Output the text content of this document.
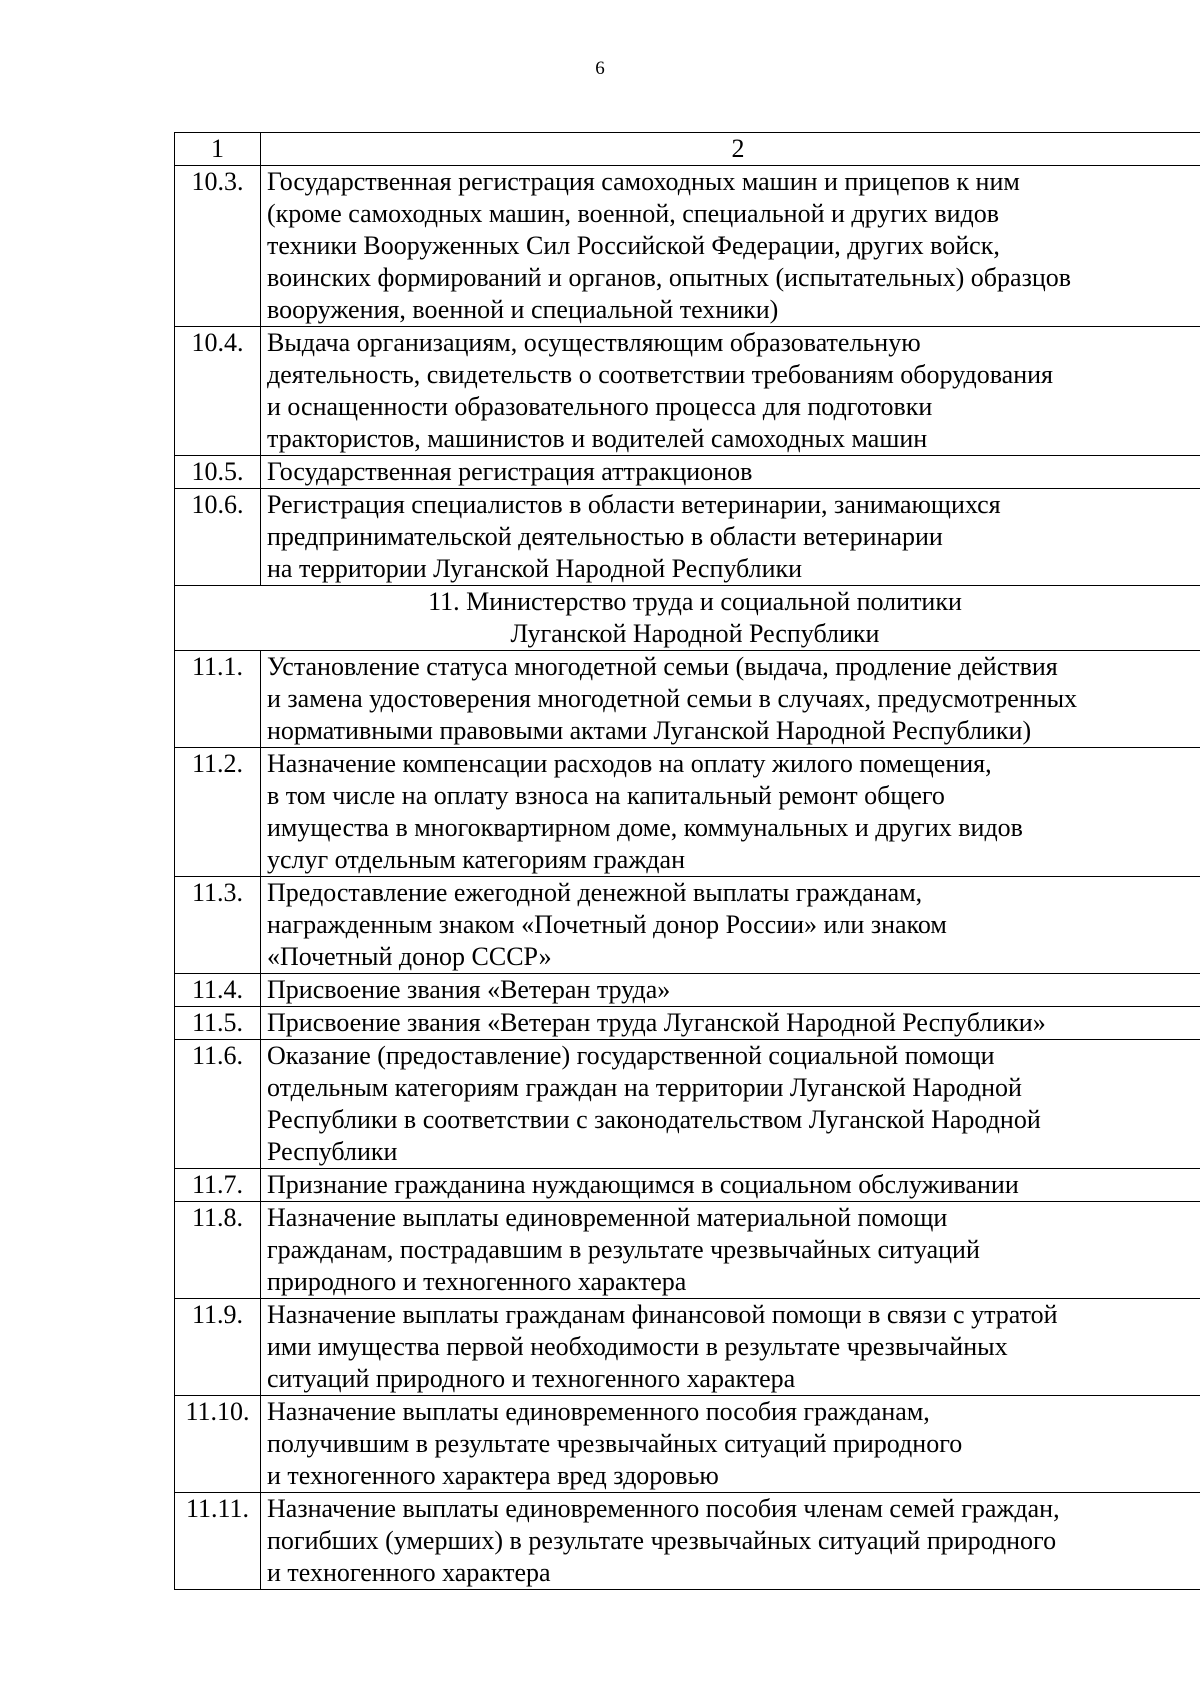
6
1	2
10.3.	Государственная регистрация самоходных машин и прицепов к ним
(кроме самоходных машин, военной, специальной и других видов
техники Вооруженных Сил Российской Федерации, других войск,
воинских формирований и органов, опытных (испытательных) образцов
вооружения, военной и специальной техники)

10.4.	Выдача организациям, осуществляющим образовательную
деятельность, свидетельств о соответствии требованиям оборудования
и оснащенности образовательного процесса для подготовки
трактористов, машинистов и водителей самоходных машин

10.5.	Государственная регистрация аттракционов

10.6.	Регистрация специалистов в области ветеринарии, занимающихся
предпринимательской деятельностью в области ветеринарии
на территории Луганской Народной Республики

11. Министерство труда и социальной политики
Луганской Народной Республики	

11.1.	Установление статуса многодетной семьи (выдача, продление действия
и замена удостоверения многодетной семьи в случаях, предусмотренных
нормативными правовыми актами Луганской Народной Республики)

11.2.	Назначение компенсации расходов на оплату жилого помещения,
в том числе на оплату взноса на капитальный ремонт общего
имущества в многоквартирном доме, коммунальных и других видов
услуг отдельным категориям граждан

11.3.	Предоставление ежегодной денежной выплаты гражданам,
награжденным знаком «Почетный донор России» или знаком
«Почетный донор СССР»

11.4.	Присвоение звания «Ветеран труда»

11.5.	Присвоение звания «Ветеран труда Луганской Народной Республики»

11.6.	Оказание (предоставление) государственной социальной помощи
отдельным категориям граждан на территории Луганской Народной
Республики в соответствии с законодательством Луганской Народной
Республики

11.7.	Признание гражданина нуждающимся в социальном обслуживании

11.8.	Назначение выплаты единовременной материальной помощи
гражданам, пострадавшим в результате чрезвычайных ситуаций
природного и техногенного характера

11.9.	Назначение выплаты гражданам финансовой помощи в связи с утратой
ими имущества первой необходимости в результате чрезвычайных
ситуаций природного и техногенного характера

11.10.	Назначение выплаты единовременного пособия гражданам,
получившим в результате чрезвычайных ситуаций природного
и техногенного характера вред здоровью

11.11.	Назначение выплаты единовременного пособия членам семей граждан,
погибших (умерших) в результате чрезвычайных ситуаций природного
и техногенного характера
